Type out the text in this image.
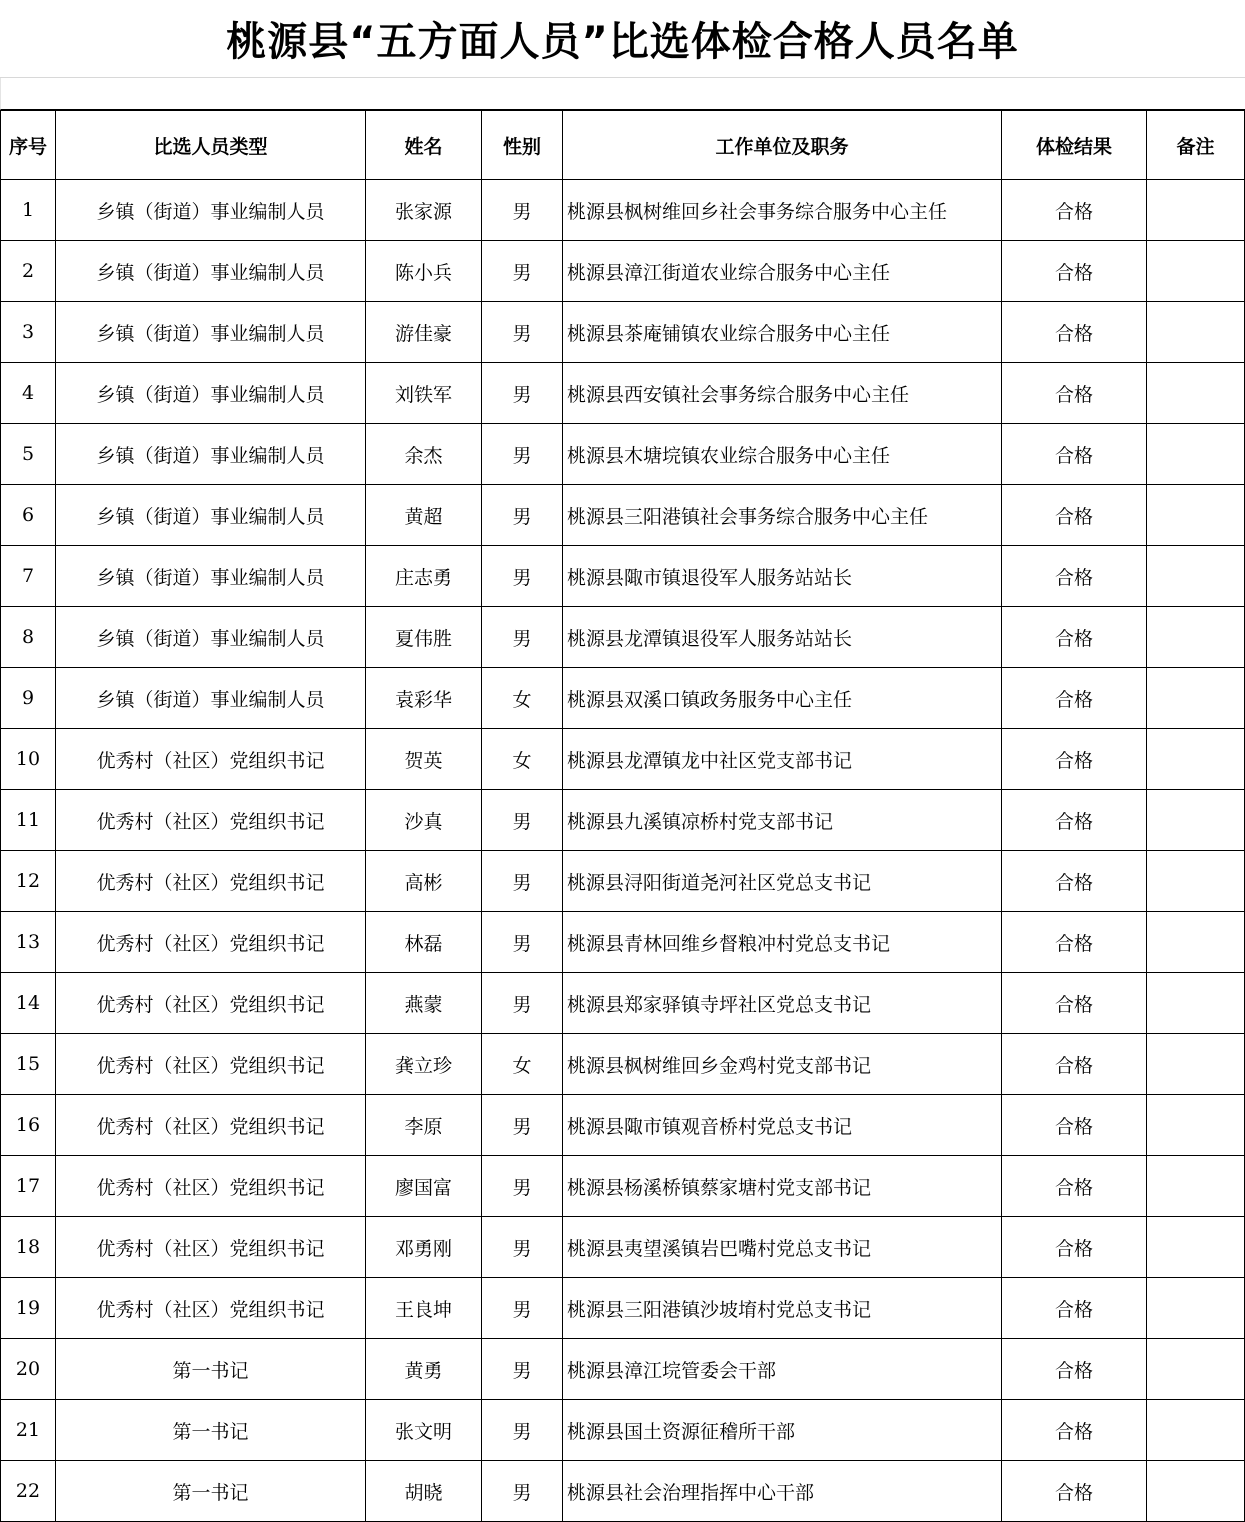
桃源县“五方面人员”比选体检合格人员名单
序号	比选人员类型	姓名	性别	工作单位及职务	体检结果	备注
1	乡镇（街道）事业编制人员	张家源	男	桃源县枫树维回乡社会事务综合服务中心主任	合格	
2	乡镇（街道）事业编制人员	陈小兵	男	桃源县漳江街道农业综合服务中心主任	合格	
3	乡镇（街道）事业编制人员	游佳豪	男	桃源县茶庵铺镇农业综合服务中心主任	合格	
4	乡镇（街道）事业编制人员	刘铁军	男	桃源县西安镇社会事务综合服务中心主任	合格	
5	乡镇（街道）事业编制人员	余杰	男	桃源县木塘垸镇农业综合服务中心主任	合格	
6	乡镇（街道）事业编制人员	黄超	男	桃源县三阳港镇社会事务综合服务中心主任	合格	
7	乡镇（街道）事业编制人员	庄志勇	男	桃源县陬市镇退役军人服务站站长	合格	
8	乡镇（街道）事业编制人员	夏伟胜	男	桃源县龙潭镇退役军人服务站站长	合格	
9	乡镇（街道）事业编制人员	袁彩华	女	桃源县双溪口镇政务服务中心主任	合格	
10	优秀村（社区）党组织书记	贺英	女	桃源县龙潭镇龙中社区党支部书记	合格	
11	优秀村（社区）党组织书记	沙真	男	桃源县九溪镇凉桥村党支部书记	合格	
12	优秀村（社区）党组织书记	高彬	男	桃源县浔阳街道尧河社区党总支书记	合格	
13	优秀村（社区）党组织书记	林磊	男	桃源县青林回维乡督粮冲村党总支书记	合格	
14	优秀村（社区）党组织书记	燕蒙	男	桃源县郑家驿镇寺坪社区党总支书记	合格	
15	优秀村（社区）党组织书记	龚立珍	女	桃源县枫树维回乡金鸡村党支部书记	合格	
16	优秀村（社区）党组织书记	李原	男	桃源县陬市镇观音桥村党总支书记	合格	
17	优秀村（社区）党组织书记	廖国富	男	桃源县杨溪桥镇蔡家塘村党支部书记	合格	
18	优秀村（社区）党组织书记	邓勇刚	男	桃源县夷望溪镇岩巴嘴村党总支书记	合格	
19	优秀村（社区）党组织书记	王良坤	男	桃源县三阳港镇沙坡堉村党总支书记	合格	
20	第一书记	黄勇	男	桃源县漳江垸管委会干部	合格	
21	第一书记	张文明	男	桃源县国土资源征稽所干部	合格	
22	第一书记	胡晓	男	桃源县社会治理指挥中心干部	合格	
